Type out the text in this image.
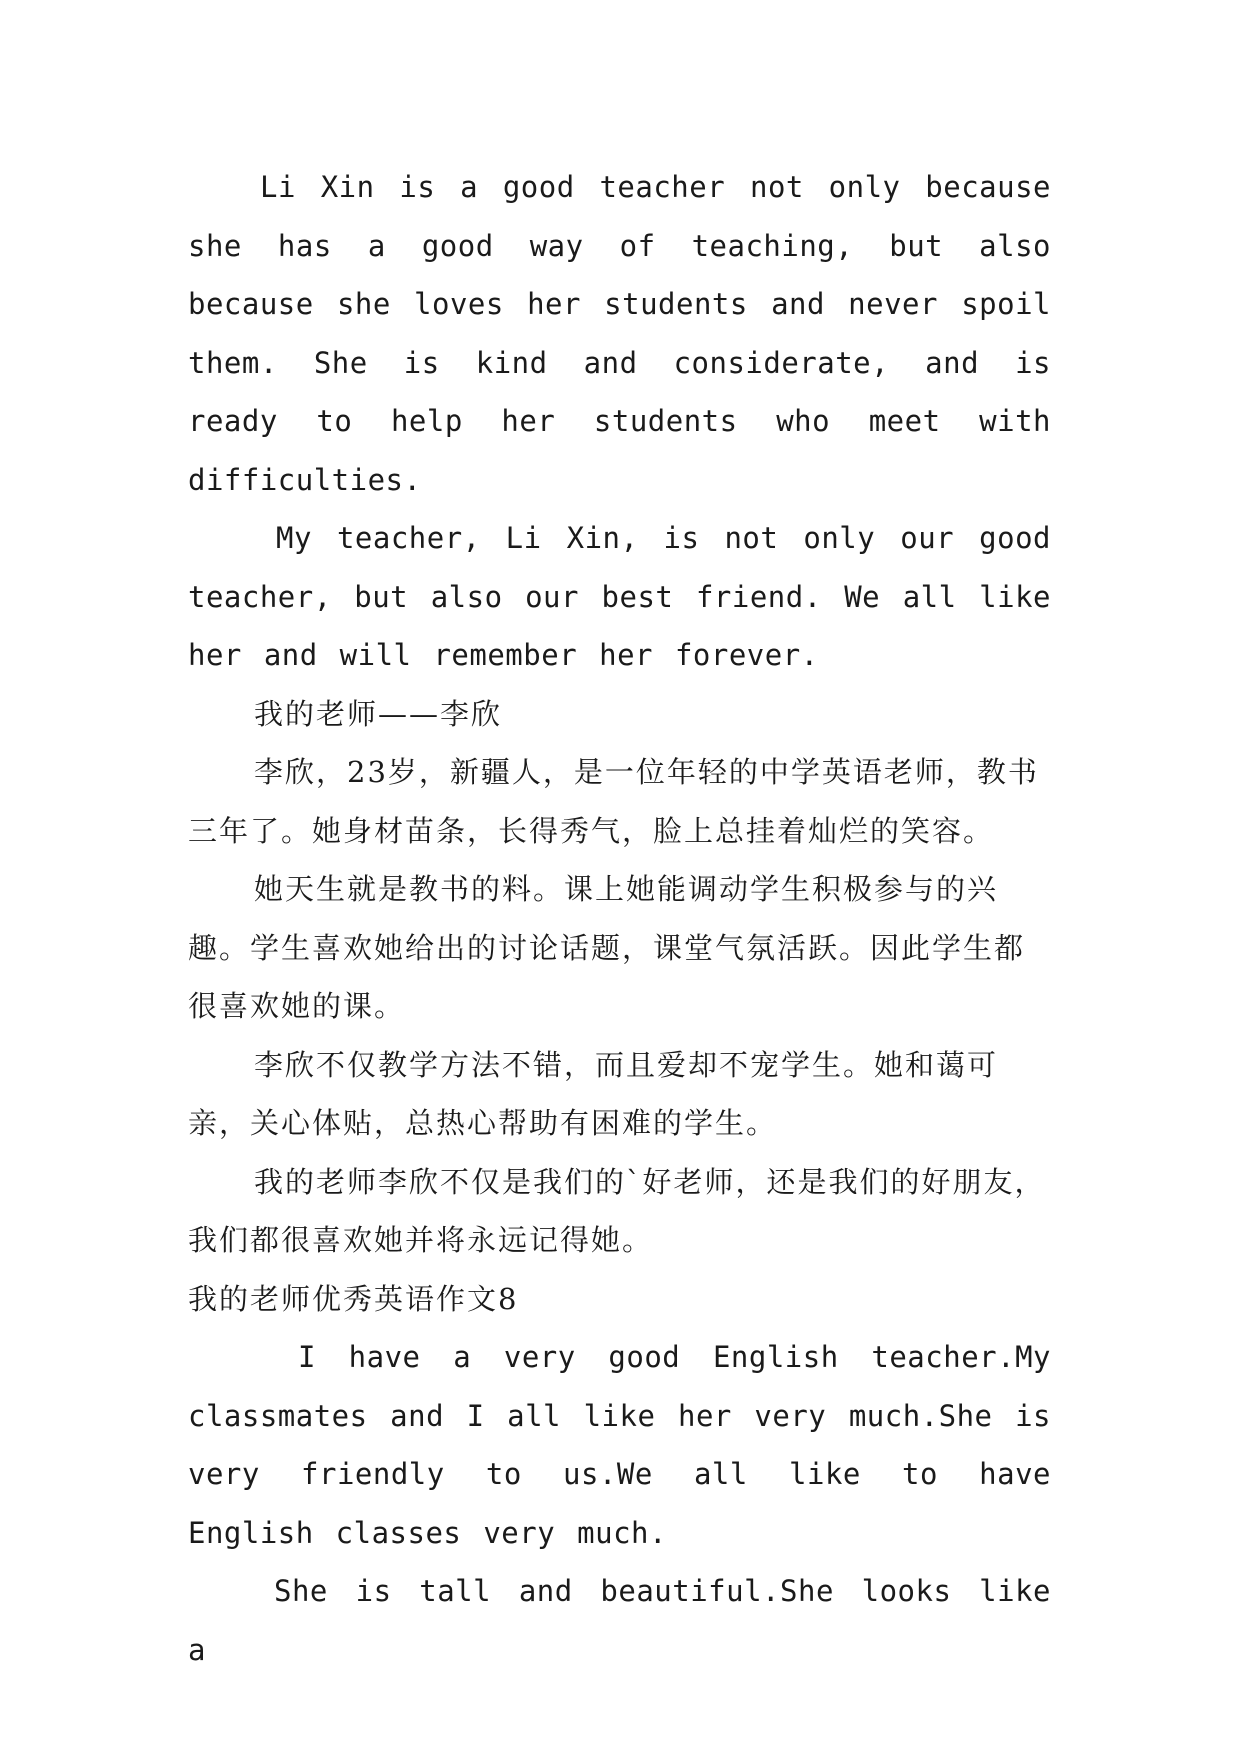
Li Xin is a good teacher not only because she has a good way of teaching, but also because she loves her students and never spoil them. She is kind and considerate, and is ready to help her students who meet with difficulties.

My teacher, Li Xin, is not only our good teacher, but also our best friend. We all like her and will remember her forever.

我的老师——李欣

李欣，23岁，新疆人，是一位年轻的中学英语老师，教书三年了。她身材苗条，长得秀气，脸上总挂着灿烂的笑容。

她天生就是教书的料。课上她能调动学生积极参与的兴趣。学生喜欢她给出的讨论话题，课堂气氛活跃。因此学生都很喜欢她的课。

李欣不仅教学方法不错，而且爱却不宠学生。她和蔼可亲，关心体贴，总热心帮助有困难的学生。

我的老师李欣不仅是我们的`好老师，还是我们的好朋友，我们都很喜欢她并将永远记得她。

我的老师优秀英语作文8

I have a very good English teacher.My classmates and I all like her very much.She is very friendly to us.We all like to have English classes very much.

She is tall and beautiful.She looks like a
